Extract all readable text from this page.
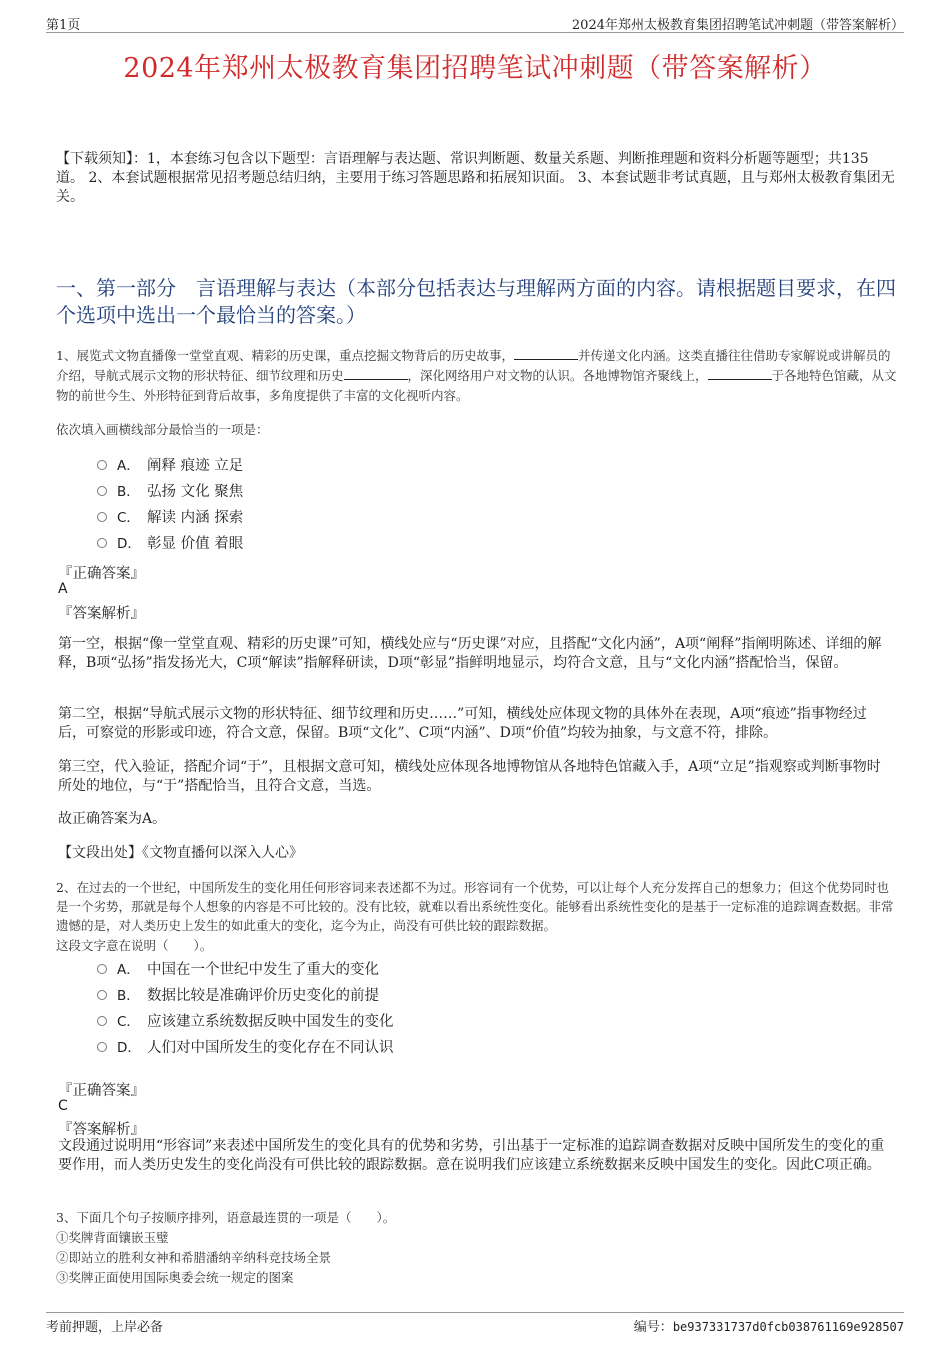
第1页	2024年郑州太极教育集团招聘笔试冲刺题（带答案解析）
2024年郑州太极教育集团招聘笔试冲刺题（带答案解析）
【下载须知】：1，本套练习包含以下题型：言语理解与表达题、常识判断题、数量关系题、判断推理题和资料分析题等题型；共135道。 2、本套试题根据常见招考题总结归纳，主要用于练习答题思路和拓展知识面。 3、本套试题非考试真题，且与郑州太极教育集团无关。
一、第一部分　言语理解与表达（本部分包括表达与理解两方面的内容。请根据题目要求，在四个选项中选出一个最恰当的答案。）
1、展览式文物直播像一堂堂直观、精彩的历史课，重点挖掘文物背后的历史故事，	并传递文化内涵。这类直播往往借助专家解说或讲解员的介绍，导航式展示文物的形状特征、细节纹理和历史	，深化网络用户对文物的认识。各地博物馆齐聚线上，	于各地特色馆藏，从文物的前世今生、外形特征到背后故事，多角度提供了丰富的文化视听内容。
依次填入画横线部分最恰当的一项是：
A． 阐释 痕迹 立足
B． 弘扬 文化 聚焦
C． 解读 内涵 探索
D． 彰显 价值 着眼
『正确答案』
A
『答案解析』
第一空，根据“像一堂堂直观、精彩的历史课”可知，横线处应与“历史课”对应，且搭配“文化内涵”，A项“阐释”指阐明陈述、详细的解释，B项“弘扬”指发扬光大，C项“解读”指解释研读，D项“彰显”指鲜明地显示，均符合文意，且与“文化内涵”搭配恰当，保留。
第二空，根据“导航式展示文物的形状特征、细节纹理和历史……”可知，横线处应体现文物的具体外在表现，A项“痕迹”指事物经过后，可察觉的形影或印迹，符合文意，保留。B项“文化”、C项“内涵”、D项“价值”均较为抽象，与文意不符，排除。
第三空，代入验证，搭配介词“于”，且根据文意可知，横线处应体现各地博物馆从各地特色馆藏入手，A项“立足”指观察或判断事物时所处的地位，与“于”搭配恰当，且符合文意，当选。
故正确答案为A。
【文段出处】《文物直播何以深入人心》
2、在过去的一个世纪，中国所发生的变化用任何形容词来表述都不为过。形容词有一个优势，可以让每个人充分发挥自己的想象力；但这个优势同时也是一个劣势，那就是每个人想象的内容是不可比较的。没有比较，就难以看出系统性变化。能够看出系统性变化的是基于一定标准的追踪调查数据。非常遗憾的是，对人类历史上发生的如此重大的变化，迄今为止，尚没有可供比较的跟踪数据。
这段文字意在说明（　　）。
A． 中国在一个世纪中发生了重大的变化
B． 数据比较是准确评价历史变化的前提
C． 应该建立系统数据反映中国发生的变化
D． 人们对中国所发生的变化存在不同认识
『正确答案』
C
『答案解析』
文段通过说明用“形容词”来表述中国所发生的变化具有的优势和劣势，引出基于一定标准的追踪调查数据对反映中国所发生的变化的重要作用，而人类历史发生的变化尚没有可供比较的跟踪数据。意在说明我们应该建立系统数据来反映中国发生的变化。因此C项正确。
3、下面几个句子按顺序排列，语意最连贯的一项是（　　）。
①奖牌背面镶嵌玉璧
②即站立的胜利女神和希腊潘纳辛纳科竞技场全景
③奖牌正面使用国际奥委会统一规定的图案
考前押题，上岸必备	编号：be937331737d0fcb038761169e928507
